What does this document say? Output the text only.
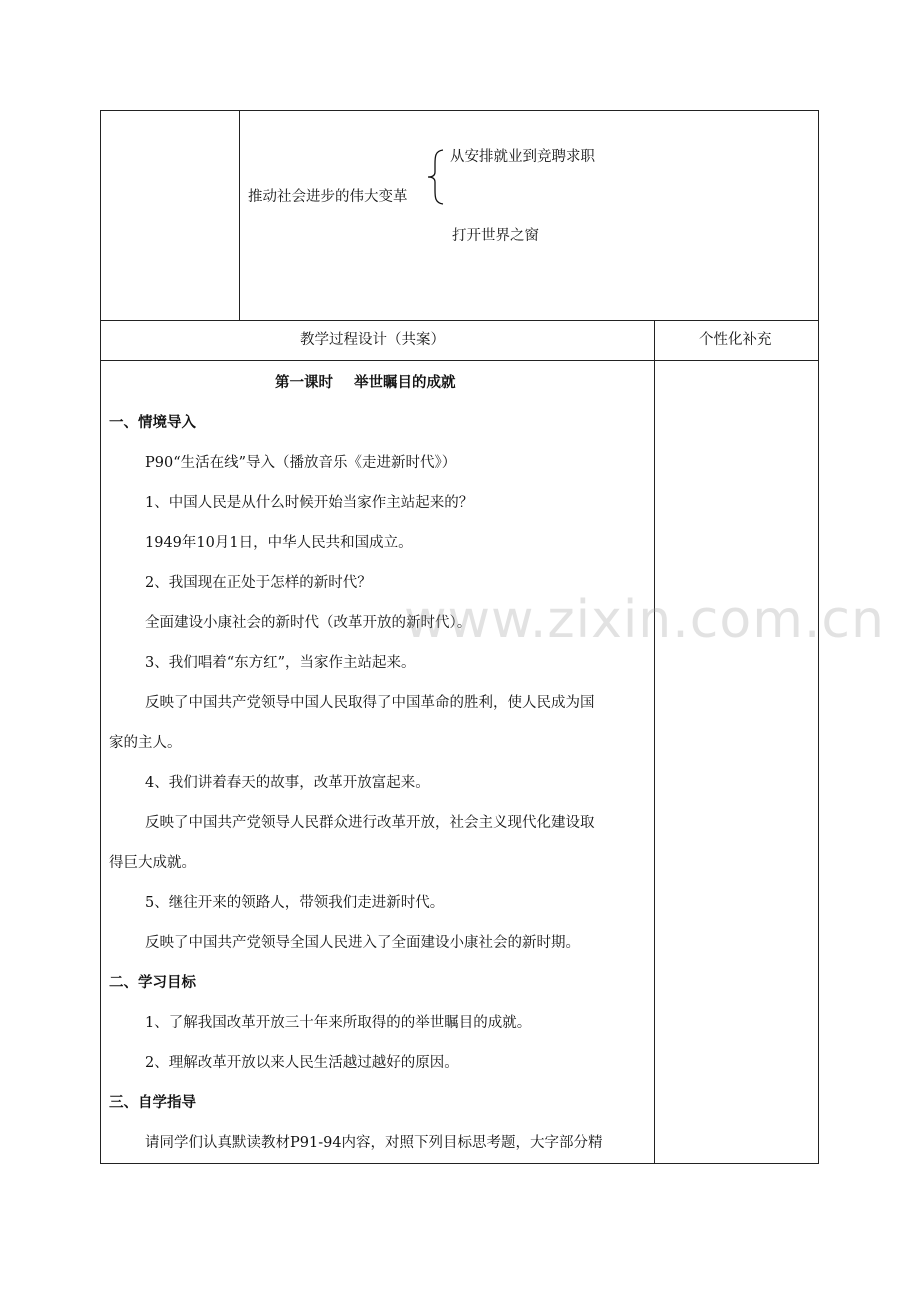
从安排就业到竞聘求职
推动社会进步的伟大变革
打开世界之窗
教学过程设计（共案）	个性化补充
第一课时 举世瞩目的成就
一、情境导入
P90“生活在线”导入（播放音乐《走进新时代》）
1、中国人民是从什么时候开始当家作主站起来的？
1949年10月1日，中华人民共和国成立。
2、我国现在正处于怎样的新时代？
全面建设小康社会的新时代（改革开放的新时代）。
3、我们唱着“东方红”，当家作主站起来。
反映了中国共产党领导中国人民取得了中国革命的胜利，使人民成为国
家的主人。
4、我们讲着春天的故事，改革开放富起来。
反映了中国共产党领导人民群众进行改革开放，社会主义现代化建设取
得巨大成就。
5、继往开来的领路人，带领我们走进新时代。
反映了中国共产党领导全国人民进入了全面建设小康社会的新时期。
二、学习目标
1、了解我国改革开放三十年来所取得的的举世瞩目的成就。
2、理解改革开放以来人民生活越过越好的原因。
三、自学指导
请同学们认真默读教材P91-94内容，对照下列目标思考题，大字部分精
www.zixin.com.cn
